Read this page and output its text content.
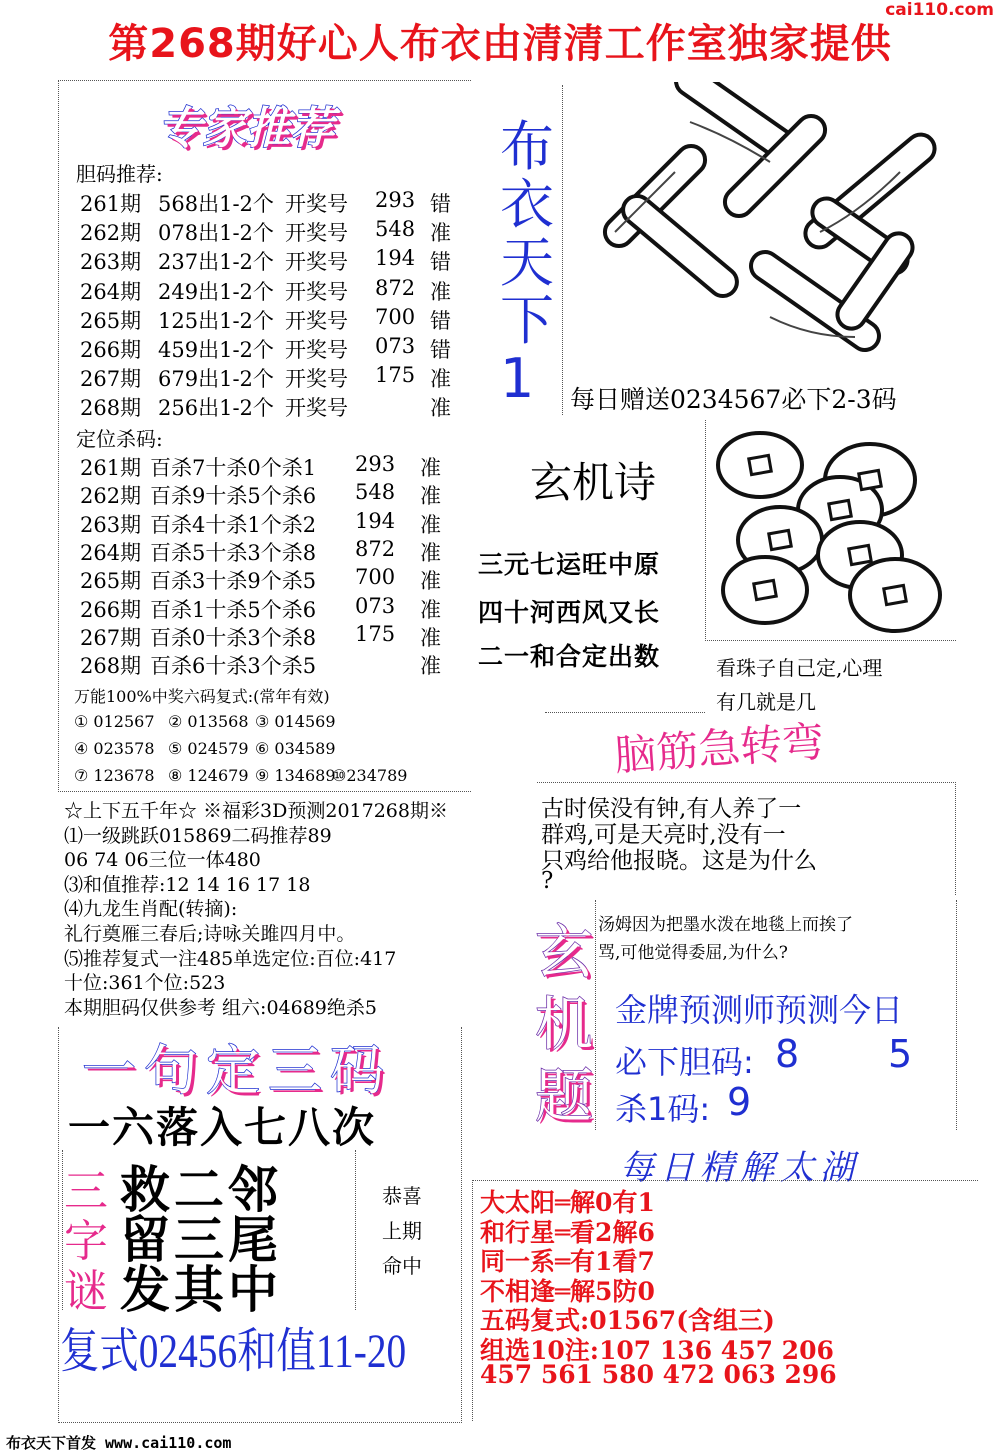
第268期好心人布衣由清清工作室独家提供
cai110.com
专家推荐
胆码推荐:
定位杀码:
万能100%中奖六码复式:(常年有效)
每日赠送0234567必下2-3码
玄机诗
三元七运旺中原
四十河西风又长
二一和合定出数	看珠子自己定,心理
有几就是几
脑筋急转弯
汤姆因为把墨水泼在地毯上而挨了
骂,可他觉得委屈,为什么?
金牌预测师预测今日
必下胆码: 8 5
杀1码: 9
每日精解太湖
一句定三码
一六落入七八次
救二邻
留三尾
发其中
恭喜
上期
命中
复式02456和值11-20
布衣天下首发 www.cai110.com
261期 568出1-2个 开奖号 293 错
262期 078出1-2个 开奖号 548 准
263期 237出1-2个 开奖号 194 错
264期 249出1-2个 开奖号 872 准
265期 125出1-2个 开奖号 700 错
266期 459出1-2个 开奖号 073 错
267期 679出1-2个 开奖号 175 准
268期 256出1-2个 开奖号	准
261期 百杀7十杀0个杀1 293 准
262期 百杀9十杀5个杀6 548 准
263期 百杀4十杀1个杀2 194 准
264期 百杀5十杀3个杀8 872 准
265期 百杀3十杀9个杀5 700 准
266期 百杀1十杀5个杀6 073 准
267期 百杀0十杀3个杀8 175 准
268期 百杀6十杀3个杀5	准
① 012567 ② 013568 ③ 014569
④ 023578 ⑤ 024579 ⑥ 034589
⑦ 123678 ⑧ 124679 ⑨ 134689
⑩234789
☆上下五千年☆ ※福彩3D预测2017268期※
⑴一级跳跃015869二码推荐89
06 74 06三位一体480
⑶和值推荐:12 14 16 17 18
⑷九龙生肖配(转摘):
礼行奠雁三春后;诗咏关雎四月中。
⑸推荐复式一注485单选定位:百位:417
十位:361个位:523
本期胆码仅供参考 组六:04689绝杀5
布
衣
天
下
1
古时侯没有钟,有人养了一
群鸡,可是天亮时,没有一
只鸡给他报晓。这是为什么
?
玄
机
题
大太阳═解0有1
和行星═看2解6
同一系═有1看7
不相逢═解5防0
五码复式:01567(含组三)
组选10注:107 136 457 206
457 561 580 472 063 296
三
字
谜
